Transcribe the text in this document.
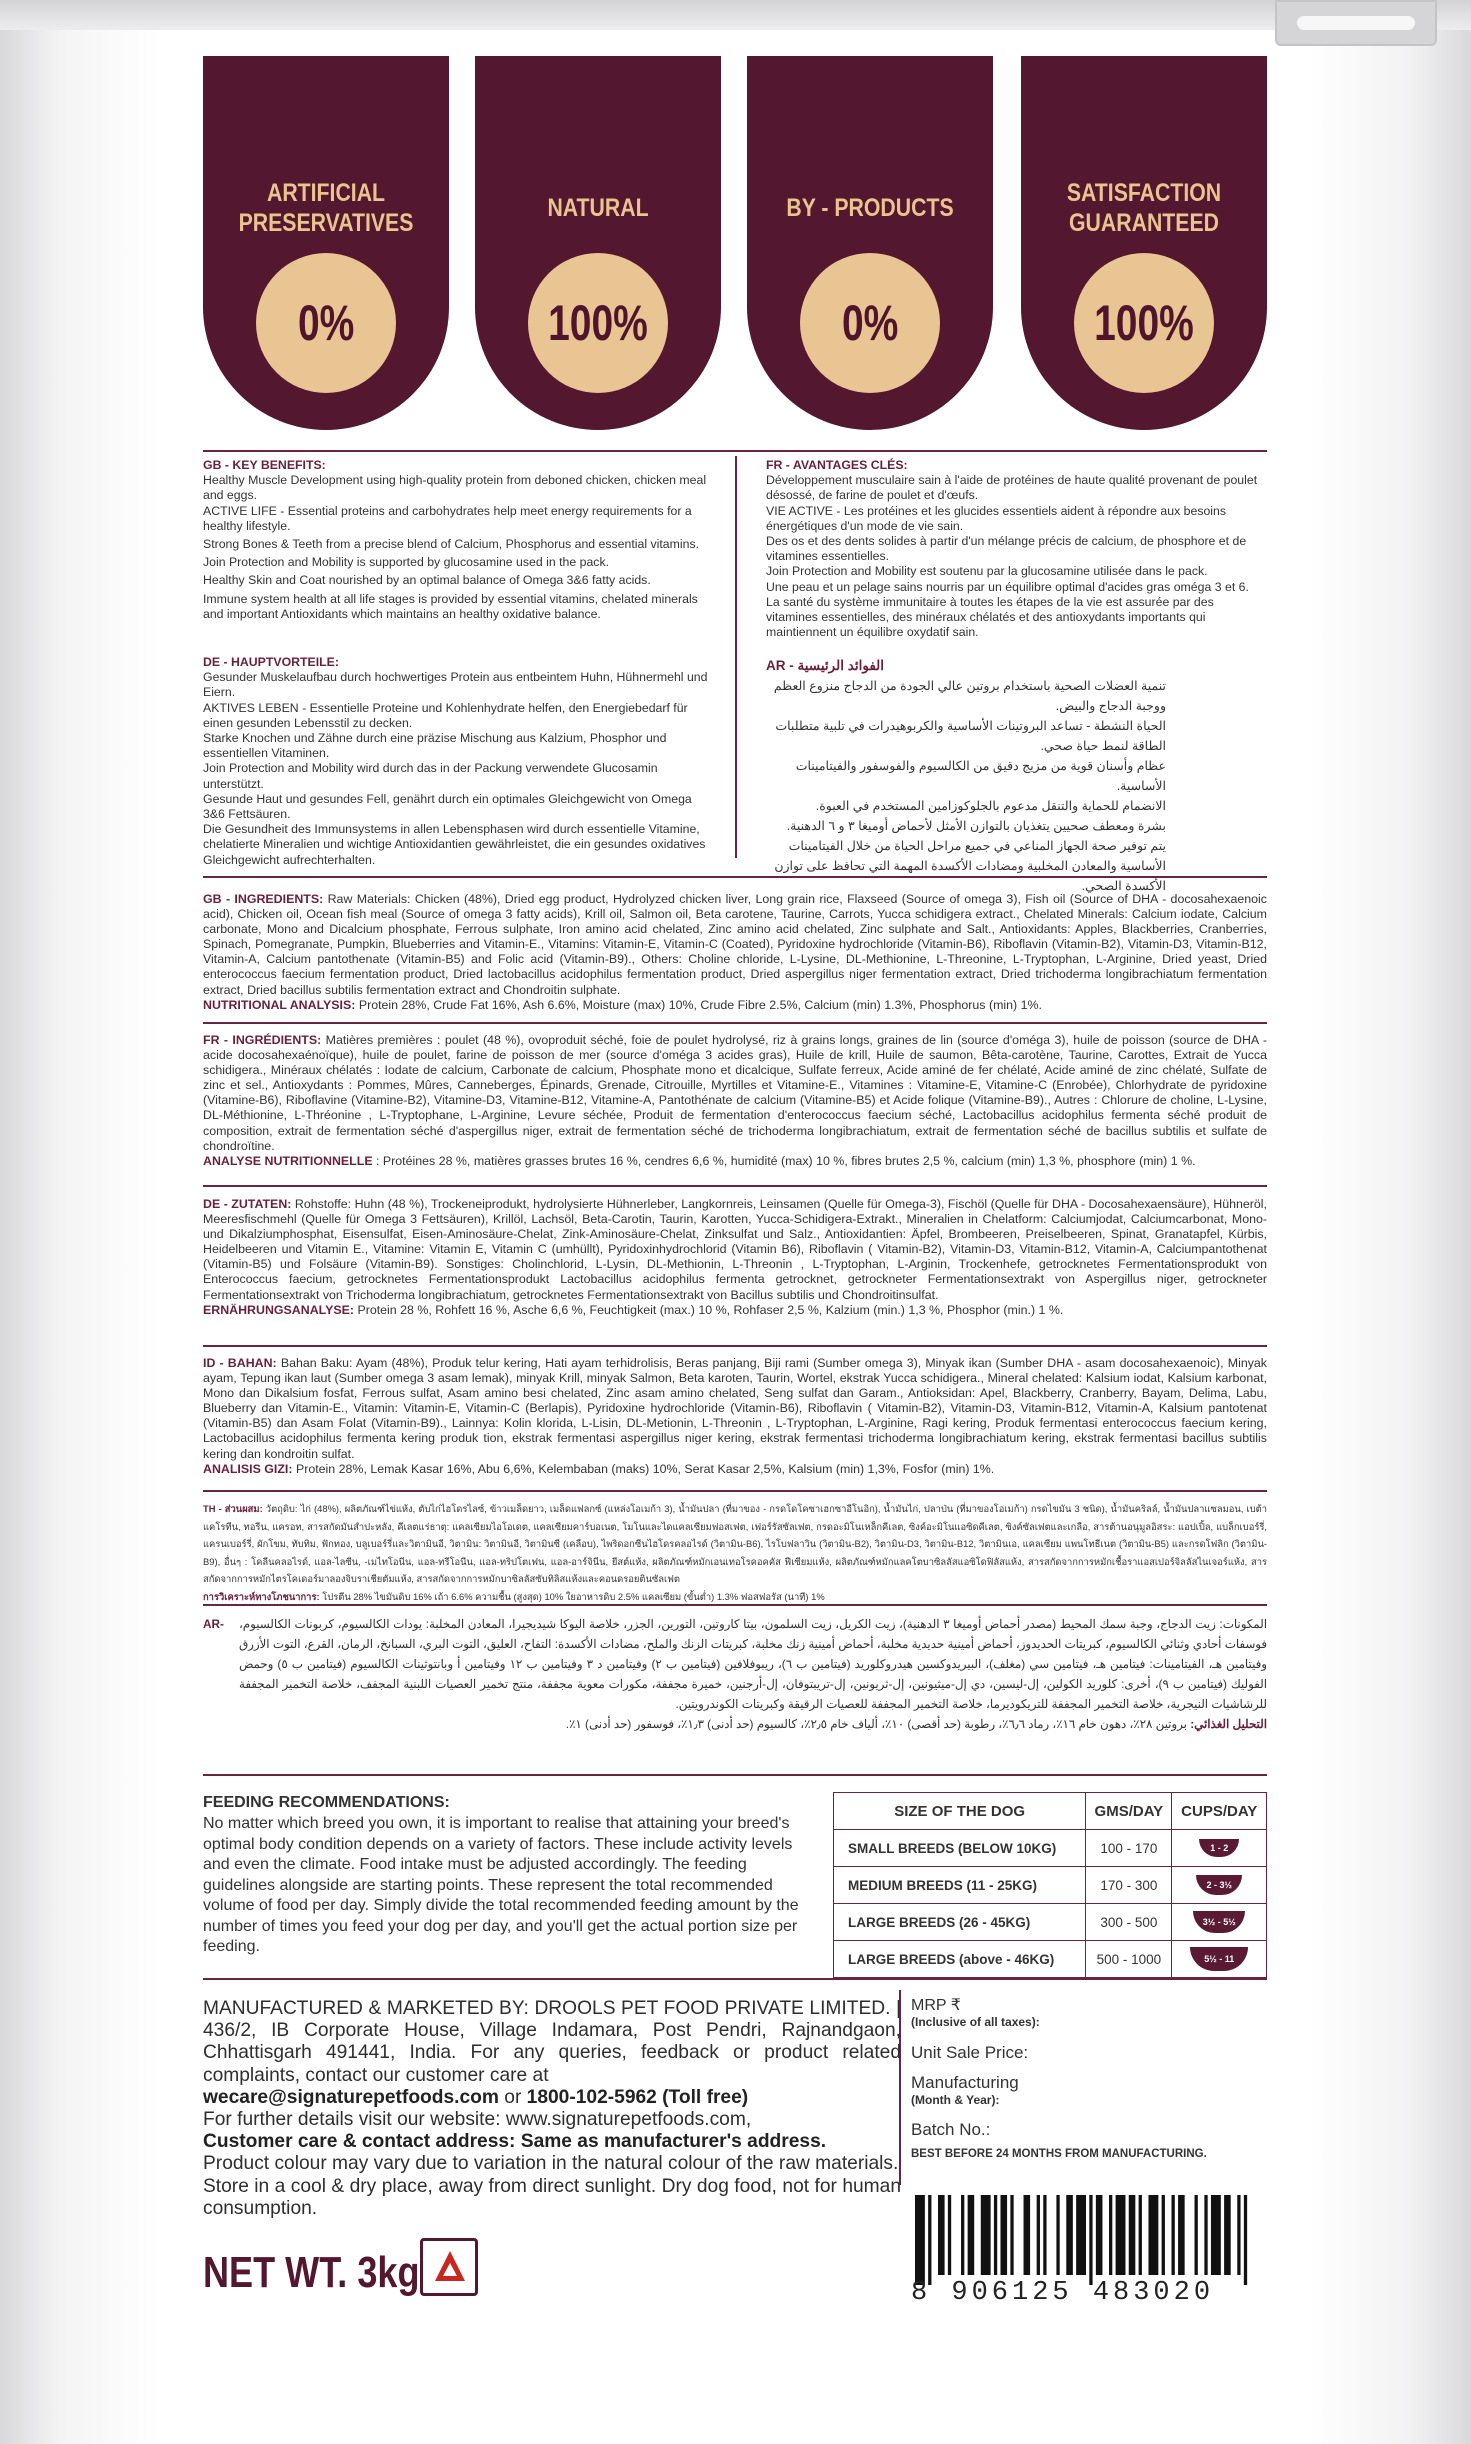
ARTIFICIAL
PRESERVATIVES
0%
NATURAL
100%
BY - PRODUCTS
0%
SATISFACTION
GUARANTEED
100%

GB - KEY BENEFITS:

Healthy Muscle Development using high-quality protein from deboned chicken, chicken meal and eggs.

ACTIVE LIFE - Essential proteins and carbohydrates help meet energy requirements for a healthy lifestyle.

Strong Bones & Teeth from a precise blend of Calcium, Phosphorus and essential vitamins.

Join Protection and Mobility is supported by glucosamine used in the pack.

Healthy Skin and Coat nourished by an optimal balance of Omega 3&6 fatty acids.

Immune system health at all life stages is provided by essential vitamins, chelated minerals and important Antioxidants which maintains an healthy oxidative balance.

DE - HAUPTVORTEILE:

Gesunder Muskelaufbau durch hochwertiges Protein aus entbeintem Huhn, Hühnermehl und Eiern.

AKTIVES LEBEN - Essentielle Proteine und Kohlenhydrate helfen, den Energiebedarf für einen gesunden Lebensstil zu decken.

Starke Knochen und Zähne durch eine präzise Mischung aus Kalzium, Phosphor und essentiellen Vitaminen.

Join Protection and Mobility wird durch das in der Packung verwendete Glucosamin unterstützt.

Gesunde Haut und gesundes Fell, genährt durch ein optimales Gleichgewicht von Omega 3&6 Fettsäuren.

Die Gesundheit des Immunsystems in allen Lebensphasen wird durch essentielle Vitamine, chelatierte Mineralien und wichtige Antioxidantien gewährleistet, die ein gesundes oxidatives Gleichgewicht aufrechterhalten.

FR - AVANTAGES CLÉS:

Développement musculaire sain à l'aide de protéines de haute qualité provenant de poulet désossé, de farine de poulet et d'œufs.

VIE ACTIVE - Les protéines et les glucides essentiels aident à répondre aux besoins énergétiques d'un mode de vie sain.

Des os et des dents solides à partir d'un mélange précis de calcium, de phosphore et de vitamines essentielles.

Join Protection and Mobility est soutenu par la glucosamine utilisée dans le pack.

Une peau et un pelage sains nourris par un équilibre optimal d'acides gras oméga 3 et 6.

La santé du système immunitaire à toutes les étapes de la vie est assurée par des vitamines essentielles, des minéraux chélatés et des antioxydants importants qui maintiennent un équilibre oxydatif sain.

AR - الفوائد الرئيسية

تنمية العضلات الصحية باستخدام بروتين عالي الجودة من الدجاج منزوع العظم ووجبة الدجاج والبيض.

الحياة النشطة - تساعد البروتينات الأساسية والكربوهيدرات في تلبية متطلبات الطاقة لنمط حياة صحي.

عظام وأسنان قوية من مزيج دقيق من الكالسيوم والفوسفور والفيتامينات الأساسية.

الانضمام للحماية والتنقل مدعوم بالجلوكوزامين المستخدم في العبوة.

بشرة ومعطف صحيين يتغذيان بالتوازن الأمثل لأحماض أوميغا ٣ و ٦ الدهنية.

يتم توفير صحة الجهاز المناعي في جميع مراحل الحياة من خلال الفيتامينات الأساسية والمعادن المخلبية ومضادات الأكسدة المهمة التي تحافظ على توازن الأكسدة الصحي.

GB - INGREDIENTS: Raw Materials: Chicken (48%), Dried egg product, Hydrolyzed chicken liver, Long grain rice, Flaxseed (Source of omega 3), Fish oil (Source of DHA - docosahexaenoic acid), Chicken oil, Ocean fish meal (Source of omega 3 fatty acids), Krill oil, Salmon oil, Beta carotene, Taurine, Carrots, Yucca schidigera extract., Chelated Minerals: Calcium iodate, Calcium carbonate, Mono and Dicalcium phosphate, Ferrous sulphate, Iron amino acid chelated, Zinc amino acid chelated, Zinc sulphate and Salt., Antioxidants: Apples, Blackberries, Cranberries, Spinach, Pomegranate, Pumpkin, Blueberries and Vitamin-E., Vitamins: Vitamin-E, Vitamin-C (Coated), Pyridoxine hydrochloride (Vitamin-B6), Riboflavin (Vitamin-B2), Vitamin-D3, Vitamin-B12, Vitamin-A, Calcium pantothenate (Vitamin-B5) and Folic acid (Vitamin-B9)., Others: Choline chloride, L-Lysine, DL-Methionine, L-Threonine, L-Tryptophan, L-Arginine, Dried yeast, Dried enterococcus faecium fermentation product, Dried lactobacillus acidophilus fermentation product, Dried aspergillus niger fermentation extract, Dried trichoderma longibrachiatum fermentation extract, Dried bacillus subtilis fermentation extract and Chondroitin sulphate.
NUTRITIONAL ANALYSIS: Protein 28%, Crude Fat 16%, Ash 6.6%, Moisture (max) 10%, Crude Fibre 2.5%, Calcium (min) 1.3%, Phosphorus (min) 1%.
FR - INGRÉDIENTS: Matières premières : poulet (48 %), ovoproduit séché, foie de poulet hydrolysé, riz à grains longs, graines de lin (source d'oméga 3), huile de poisson (source de DHA - acide docosahexaénoïque), huile de poulet, farine de poisson de mer (source d'oméga 3 acides gras), Huile de krill, Huile de saumon, Bêta-carotène, Taurine, Carottes, Extrait de Yucca schidigera., Minéraux chélatés : Iodate de calcium, Carbonate de calcium, Phosphate mono et dicalcique, Sulfate ferreux, Acide aminé de fer chélaté, Acide aminé de zinc chélaté, Sulfate de zinc et sel., Antioxydants : Pommes, Mûres, Canneberges, Épinards, Grenade, Citrouille, Myrtilles et Vitamine-E., Vitamines : Vitamine-E, Vitamine-C (Enrobée), Chlorhydrate de pyridoxine (Vitamine-B6), Riboflavine (Vitamine-B2), Vitamine-D3, Vitamine-B12, Vitamine-A, Pantothénate de calcium (Vitamine-B5) et Acide folique (Vitamine-B9)., Autres : Chlorure de choline, L-Lysine, DL-Méthionine, L-Thréonine , L-Tryptophane, L-Arginine, Levure séchée, Produit de fermentation d'enterococcus faecium séché, Lactobacillus acidophilus fermenta séché produit de composition, extrait de fermentation séché d'aspergillus niger, extrait de fermentation séché de trichoderma longibrachiatum, extrait de fermentation séché de bacillus subtilis et sulfate de chondroïtine.
ANALYSE NUTRITIONNELLE : Protéines 28 %, matières grasses brutes 16 %, cendres 6,6 %, humidité (max) 10 %, fibres brutes 2,5 %, calcium (min) 1,3 %, phosphore (min) 1 %.
DE - ZUTATEN: Rohstoffe: Huhn (48 %), Trockeneiprodukt, hydrolysierte Hühnerleber, Langkornreis, Leinsamen (Quelle für Omega-3), Fischöl (Quelle für DHA - Docosahexaensäure), Hühneröl, Meeresfischmehl (Quelle für Omega 3 Fettsäuren), Krillöl, Lachsöl, Beta-Carotin, Taurin, Karotten, Yucca-Schidigera-Extrakt., Mineralien in Chelatform: Calciumjodat, Calciumcarbonat, Mono- und Dikalziumphosphat, Eisensulfat, Eisen-Aminosäure-Chelat, Zink-Aminosäure-Chelat, Zinksulfat und Salz., Antioxidantien: Äpfel, Brombeeren, Preiselbeeren, Spinat, Granatapfel, Kürbis, Heidelbeeren und Vitamin E., Vitamine: Vitamin E, Vitamin C (umhüllt), Pyridoxinhydrochlorid (Vitamin B6), Riboflavin ( Vitamin-B2), Vitamin-D3, Vitamin-B12, Vitamin-A, Calciumpantothenat (Vitamin-B5) und Folsäure (Vitamin-B9). Sonstiges: Cholinchlorid, L-Lysin, DL-Methionin, L-Threonin , L-Tryptophan, L-Arginin, Trockenhefe, getrocknetes Fermentationsprodukt von Enterococcus faecium, getrocknetes Fermentationsprodukt Lactobacillus acidophilus fermenta getrocknet, getrockneter Fermentationsextrakt von Aspergillus niger, getrockneter Fermentationsextrakt von Trichoderma longibrachiatum, getrocknetes Fermentationsextrakt von Bacillus subtilis und Chondroitinsulfat.
ERNÄHRUNGSANALYSE: Protein 28 %, Rohfett 16 %, Asche 6,6 %, Feuchtigkeit (max.) 10 %, Rohfaser 2,5 %, Kalzium (min.) 1,3 %, Phosphor (min.) 1 %.
ID - BAHAN: Bahan Baku: Ayam (48%), Produk telur kering, Hati ayam terhidrolisis, Beras panjang, Biji rami (Sumber omega 3), Minyak ikan (Sumber DHA - asam docosahexaenoic), Minyak ayam, Tepung ikan laut (Sumber omega 3 asam lemak), minyak Krill, minyak Salmon, Beta karoten, Taurin, Wortel, ekstrak Yucca schidigera., Mineral chelated: Kalsium iodat, Kalsium karbonat, Mono dan Dikalsium fosfat, Ferrous sulfat, Asam amino besi chelated, Zinc asam amino chelated, Seng sulfat dan Garam., Antioksidan: Apel, Blackberry, Cranberry, Bayam, Delima, Labu, Blueberry dan Vitamin-E., Vitamin: Vitamin-E, Vitamin-C (Berlapis), Pyridoxine hydrochloride (Vitamin-B6), Riboflavin ( Vitamin-B2), Vitamin-D3, Vitamin-B12, Vitamin-A, Kalsium pantotenat (Vitamin-B5) dan Asam Folat (Vitamin-B9)., Lainnya: Kolin klorida, L-Lisin, DL-Metionin, L-Threonin , L-Tryptophan, L-Arginine, Ragi kering, Produk fermentasi enterococcus faecium kering, Lactobacillus acidophilus fermenta kering produk tion, ekstrak fermentasi aspergillus niger kering, ekstrak fermentasi trichoderma longibrachiatum kering, ekstrak fermentasi bacillus subtilis kering dan kondroitin sulfat.
ANALISIS GIZI: Protein 28%, Lemak Kasar 16%, Abu 6,6%, Kelembaban (maks) 10%, Serat Kasar 2,5%, Kalsium (min) 1,3%, Fosfor (min) 1%.
TH - ส่วนผสม: วัตถุดิบ: ไก่ (48%), ผลิตภัณฑ์ไข่แห้ง, ตับไก่ไฮโดรไลซ์, ข้าวเมล็ดยาว, เมล็ดแฟลกซ์ (แหล่งโอเมก้า 3), น้ำมันปลา (ที่มาของ - กรดโดโคซาเฮกซาอีโนอิก), น้ำมันไก่, ปลาป่น (ที่มาของโอเมก้า) กรดไขมัน 3 ชนิด), น้ำมันคริลล์, น้ำมันปลาแซลมอน, เบต้าแคโรทีน, ทอรีน, แครอท, สารสกัดมันสำปะหลัง, คีเลตแร่ธาตุ: แคลเซียมไอโอเดต, แคลเซียมคาร์บอเนต, โมโนและไดแคลเซียมฟอสเฟต, เฟอร์รัสซัลเฟต, กรดอะมิโนเหล็กคีเลต, ซิงค์อะมิโนแอซิดคีเลต, ซิงค์ซัลเฟตและเกลือ, สารต้านอนุมูลอิสระ: แอปเปิ้ล, แบล็กเบอร์รี่, แครนเบอร์รี่, ผักโขม, ทับทิม, ฟักทอง, บลูเบอร์รี่และวิตามินอี, วิตามิน: วิตามินอี, วิตามินซี (เคลือบ), ไพริดอกซีนไฮโดรคลอไรด์ (วิตามิน-B6), ไรโบฟลาวิน (วิตามิน-B2), วิตามิน-D3, วิตามิน-B12, วิตามินเอ, แคลเซียม แพนโทธีเนต (วิตามิน-B5) และกรดโฟลิก (วิตามิน-B9), อื่นๆ : โคลีนคลอไรด์, แอล-ไลซีน, -เมไทโอนีน, แอล-ทรีโอนีน, แอล-ทริปโตเฟน, แอล-อาร์จินีน, ยีสต์แห้ง, ผลิตภัณฑ์หมักเอนเทอโรคอคคัส ฟีเซียมแห้ง, ผลิตภัณฑ์หมักแลคโตบาซิลลัสแอซิโดฟิลัสแห้ง, สารสกัดจากการหมักเชื้อราแอสเปอร์จิลลัสไนเจอร์แห้ง, สารสกัดจากการหมักไตรโคเดอร์มาลองจิบราเชียตัมแห้ง, สารสกัดจากการหมักบาซิลลัสซับทิลิสแห้งและคอนดรอยตินซัลเฟต
การวิเคราะห์ทางโภชนาการ: โปรตีน 28% ไขมันดิบ 16% เถ้า 6.6% ความชื้น (สูงสุด) 10% ใยอาหารดิบ 2.5% แคลเซียม (ขั้นต่ำ) 1.3% ฟอสฟอรัส (นาที) 1%
AR- المكونات: زيت الدجاج، وجبة سمك المحيط (مصدر أحماض أوميغا ٣ الدهنية)، زيت الكريل، زيت السلمون، بيتا كاروتين، التورين، الجزر، خلاصة اليوكا شيديجيرا، المعادن المخلبة: يودات الكالسيوم، كربونات الكالسيوم، فوسفات أحادي وثنائي الكالسيوم، كبريتات الحديدوز، أحماض أمينية حديدية مخلبة، أحماض أمينية زنك مخلبة، كبريتات الزنك والملح، مضادات الأكسدة: التفاح، العليق، التوت البري، السبانخ، الرمان، القرع، التوت الأزرق وفيتامين هـ، الفيتامينات: فيتامين هـ، فيتامين سي (مغلف)، البيريدوكسين هيدروكلوريد (فيتامين ب ٦)، ريبوفلافين (فيتامين ب ٢) وفيتامين د ٣ وفيتامين ب ١٢ وفيتامين أ وبانتوثينات الكالسيوم (فيتامين ب ٥) وحمض الفوليك (فيتامين ب ٩)، أخرى: كلوريد الكولين، إل-ليسين، دي إل-ميثيونين، إل-ثريونين، إل-تريبتوفان، إل-أرجنين، خميرة مجففة، مكورات معوية مجففة، منتج تخمير العصيات اللبنية المجفف، خلاصة التخمير المجففة للرشاشيات النيجرية، خلاصة التخمير المجففة للتريكوديرما، خلاصة التخمير المجففة للعصيات الرقيقة وكبريتات الكوندرويتين.
التحليل الغذائي: بروتين ٢٨٪، دهون خام ١٦٪، رماد ٦٫٦٪، رطوبة (حد أقصى) ١٠٪، ألياف خام ٢٫٥٪، كالسيوم (حد أدنى) ١٫٣٪، فوسفور (حد أدنى) ١٪.
FEEDING RECOMMENDATIONS:
No matter which breed you own, it is important to realise that attaining your breed's optimal body condition depends on a variety of factors. These include activity levels and even the climate. Food intake must be adjusted accordingly. The feeding guidelines alongside are starting points. These represent the total recommended volume of food per day. Simply divide the total recommended feeding amount by the number of times you feed your dog per day, and you'll get the actual portion size per feeding.
SIZE OF THE DOG	GMS/DAY	CUPS/DAY
SMALL BREEDS (BELOW 10KG)	100 - 170	1 - 2
MEDIUM BREEDS (11 - 25KG)	170 - 300	2 - 3½
LARGE BREEDS (26 - 45KG)	300 - 500	3½ - 5½
LARGE BREEDS (above - 46KG)	500 - 1000	5½ - 11
MANUFACTURED & MARKETED BY: DROOLS PET FOOD PRIVATE LIMITED. | 436/2, IB Corporate House, Village Indamara, Post Pendri, Rajnandgaon, Chhattisgarh 491441, India. For any queries, feedback or product related complaints, contact our customer care at
wecare@signaturepetfoods.com or 1800-102-5962 (Toll free)
For further details visit our website: www.signaturepetfoods.com,
Customer care & contact address: Same as manufacturer's address.
Product colour may vary due to variation in the natural colour of the raw materials.
Store in a cool & dry place, away from direct sunlight. Dry dog food, not for human consumption.
NET WT. 3kg
MRP ₹
(Inclusive of all taxes):
Unit Sale Price:
Manufacturing
(Month & Year):
Batch No.:
BEST BEFORE 24 MONTHS FROM MANUFACTURING.
8 906125 483020
